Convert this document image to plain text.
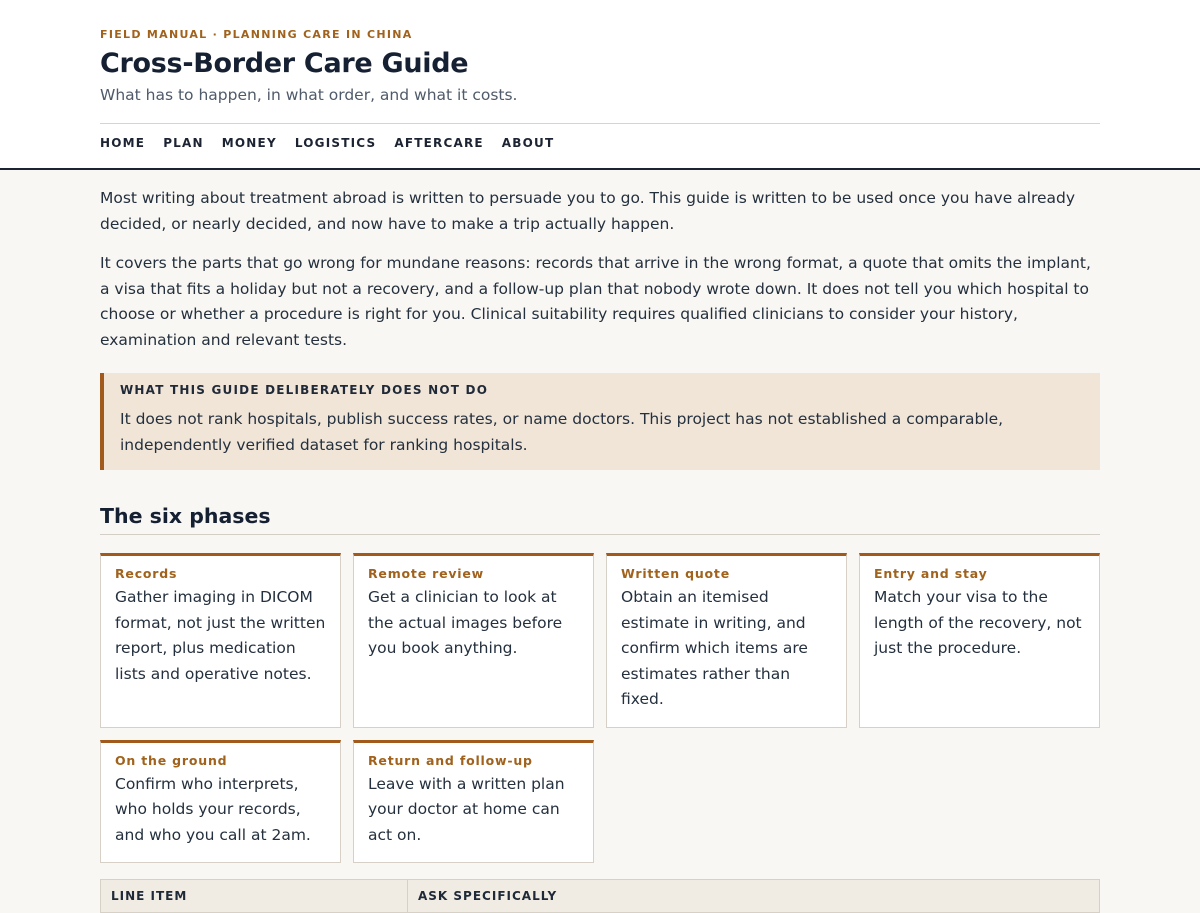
FIELD MANUAL · PLANNING CARE IN CHINA
Cross-Border Care Guide
What has to happen, in what order, and what it costs.
HOME PLAN MONEY LOGISTICS AFTERCARE ABOUT

Most writing about treatment abroad is written to persuade you to go. This guide is written to be used once you have already decided, or nearly decided, and now have to make a trip actually happen.

It covers the parts that go wrong for mundane reasons: records that arrive in the wrong format, a quote that omits the implant, a visa that fits a holiday but not a recovery, and a follow-up plan that nobody wrote down. It does not tell you which hospital to choose or whether a procedure is right for you. Clinical suitability requires qualified clinicians to consider your history, examination and relevant tests.

WHAT THIS GUIDE DELIBERATELY DOES NOT DO
It does not rank hospitals, publish success rates, or name doctors. This project has not established a comparable, independently verified dataset for ranking hospitals.
The six phases
Records
Gather imaging in DICOM format, not just the written report, plus medication lists and operative notes.
Remote review
Get a clinician to look at the actual images before you book anything.
Written quote
Obtain an itemised estimate in writing, and confirm which items are estimates rather than fixed.
Entry and stay
Match your visa to the length of the recovery, not just the procedure.
On the ground
Confirm who interprets, who holds your records, and who you call at 2am.
Return and follow-up
Leave with a written plan your doctor at home can act on.
LINE ITEM	ASK SPECIFICALLY
